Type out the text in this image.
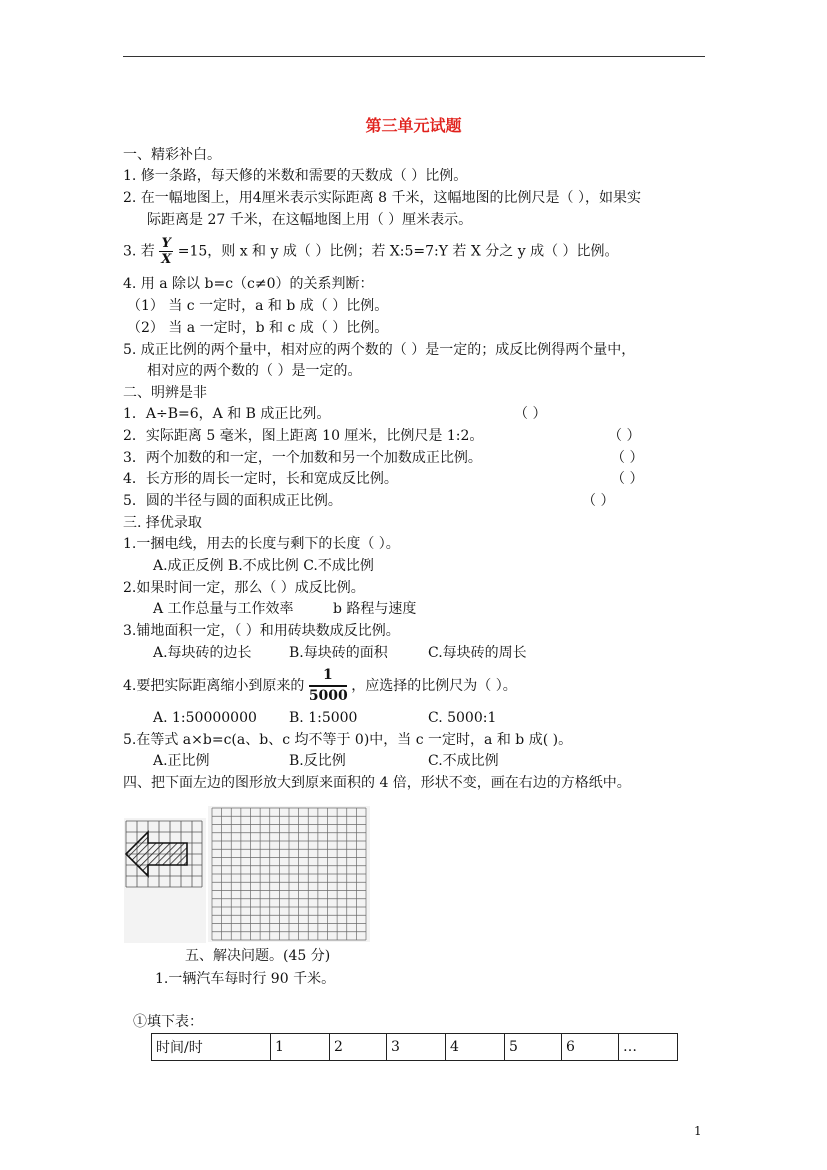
第三单元试题
一、精彩补白。
1. 修一条路，每天修的米数和需要的天数成（ ）比例。
2. 在一幅地图上，用4厘米表示实际距离 8 千米，这幅地图的比例尺是（ ），如果实
际距离是 27 千米，在这幅地图上用（ ）厘米表示。
3. 若 $\frac{Y}{X} =15$，则 x 和 y 成（ ）比例；若 X:5=7:Y 若 X 分之 y 成（ ）比例。
4. 用 a 除以 b=c（c≠0）的关系判断：
（1） 当 c 一定时，a 和 b 成（ ）比例。
（2） 当 a 一定时，b 和 c 成（ ）比例。
5. 成正比例的两个量中，相对应的两个数的（ ）是一定的；成反比例得两个量中，
相对应的两个数的（ ）是一定的。
二、明辨是非
1．A÷B=6，A 和 B 成正比列。	（ ）
2．实际距离 5 毫米，图上距离 10 厘米，比例尺是 1:2。	（ ）
3．两个加数的和一定，一个加数和另一个加数成正比例。	（ ）
4．长方形的周长一定时，长和宽成反比例。	（ ）
5．圆的半径与圆的面积成正比例。	（ ）
三. 择优录取
1.一捆电线，用去的长度与剩下的长度（ ）。
A.成正反例 B.不成比例 C.不成比例
2.如果时间一定，那么（ ）成反比例。
A 工作总量与工作效率	b 路程与速度
3.铺地面积一定，（ ）和用砖块数成反比例。
A.每块砖的边长	B.每块砖的面积	C.每块砖的周长
4.要把实际距离缩小到原来的 $\frac{1}{5000}$ ，应选择的比例尺为（ ）。
A. 1:50000000 B. 1:5000	C. 5000:1
5.在等式 a×b=c(a、b、c 均不等于 0)中，当 c 一定时，a 和 b 成( )。
A.正比例	B.反比例	C.不成比例
四、把下面左边的图形放大到原来面积的 4 倍，形状不变，画在右边的方格纸中。
五、解决问题。(45 分)
1.一辆汽车每时行 90 千米。
①填下表：
时间/时	1	2	3	4	5	6	…
1
